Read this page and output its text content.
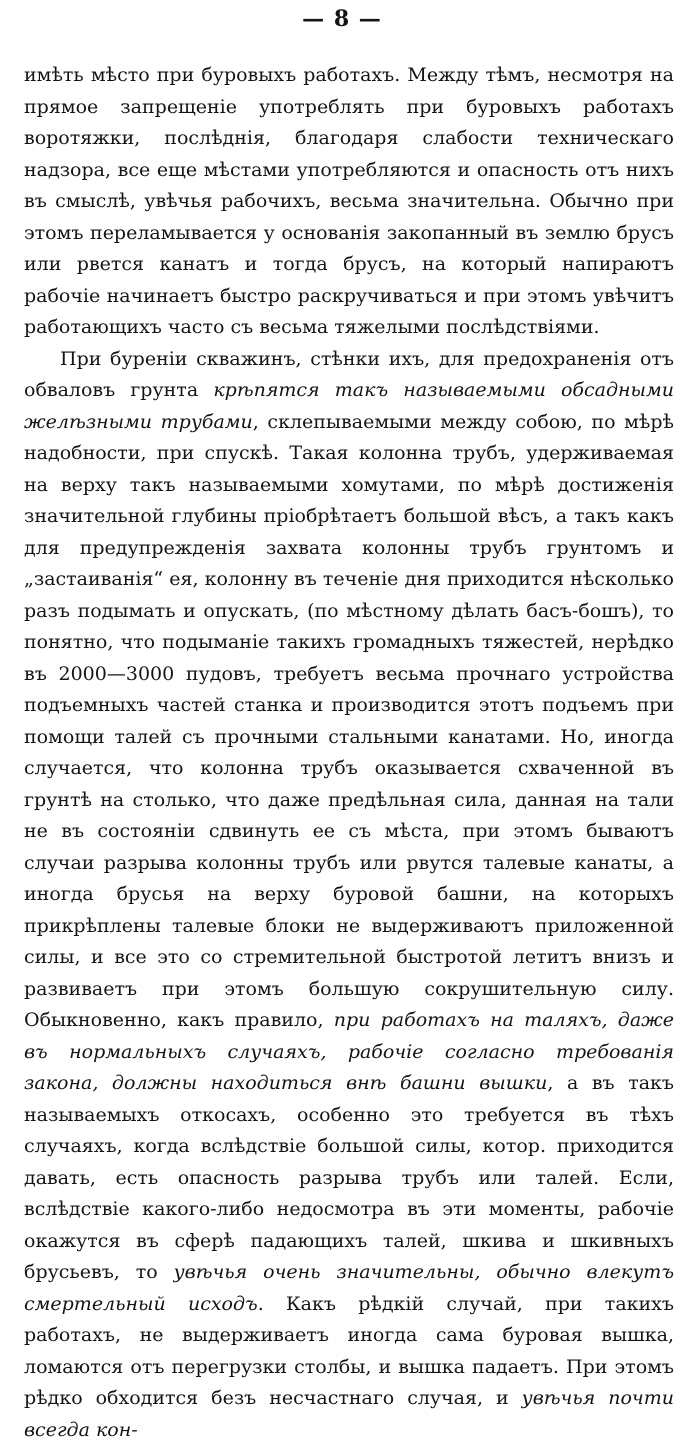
— 8 —

имѣть мѣсто при буровыхъ работахъ. Между тѣмъ, несмотря на прямое запрещеніе употреблять при буровыхъ работахъ воротяжки, послѣднія, благодаря слабости техническаго надзора, все еще мѣстами употребляются и опасность отъ нихъ въ смыслѣ, увѣчья рабочихъ, весьма значительна. Обычно при этомъ переламывается у основанія закопанный въ землю брусъ или рвется канатъ и тогда брусъ, на который напираютъ рабочіе начинаетъ быстро раскручиваться и при этомъ увѣчитъ работающихъ часто съ весьма тяжелыми послѣдствіями.

При буреніи скважинъ, стѣнки ихъ, для предохраненія отъ обваловъ грунта крѣпятся такъ называемыми обсадными желѣзными трубами, склепываемыми между собою, по мѣрѣ надобности, при спускѣ. Такая колонна трубъ, удерживаемая на верху такъ называемыми хомутами, по мѣрѣ достиженія значительной глубины пріобрѣтаетъ большой вѣсъ, а такъ какъ для предупрежденія захвата колонны трубъ грунтомъ и „застаиванія“ ея, колонну въ теченіе дня приходится нѣсколько разъ подымать и опускать, (по мѣстному дѣлать басъ-бошъ), то понятно, что подыманіе такихъ громадныхъ тяжестей, нерѣдко въ 2000—3000 пудовъ, требуетъ весьма прочнаго устройства подъемныхъ частей станка и производится этотъ подъемъ при помощи талей съ прочными стальными канатами. Но, иногда случается, что колонна трубъ оказывается схваченной въ грунтѣ на столько, что даже предѣльная сила, данная на тали не въ состояніи сдвинуть ее съ мѣста, при этомъ бываютъ случаи разрыва колонны трубъ или рвутся талевые канаты, а иногда брусья на верху буровой башни, на которыхъ прикрѣплены талевые блоки не выдерживаютъ приложенной силы, и все это со стремительной быстротой летитъ внизъ и развиваетъ при этомъ большую сокрушительную силу. Обыкновенно, какъ правило, при работахъ на таляхъ, даже въ нормальныхъ случаяхъ, рабочіе согласно требованія закона, должны находиться внѣ башни вышки, а въ такъ называемыхъ откосахъ, особенно это требуется въ тѣхъ случаяхъ, когда вслѣдствіе большой силы, котор. приходится давать, есть опасность разрыва трубъ или талей. Если, вслѣдствіе какого-либо недосмотра въ эти моменты, рабочіе окажутся въ сферѣ падающихъ талей, шкива и шкивныхъ брусьевъ, то увѣчья очень значительны, обычно влекутъ смертельный исходъ. Какъ рѣдкій случай, при такихъ работахъ, не выдерживаетъ иногда сама буровая вышка, ломаются отъ перегрузки столбы, и вышка падаетъ. При этомъ рѣдко обходится безъ несчастнаго случая, и увѣчья почти всегда кон-
